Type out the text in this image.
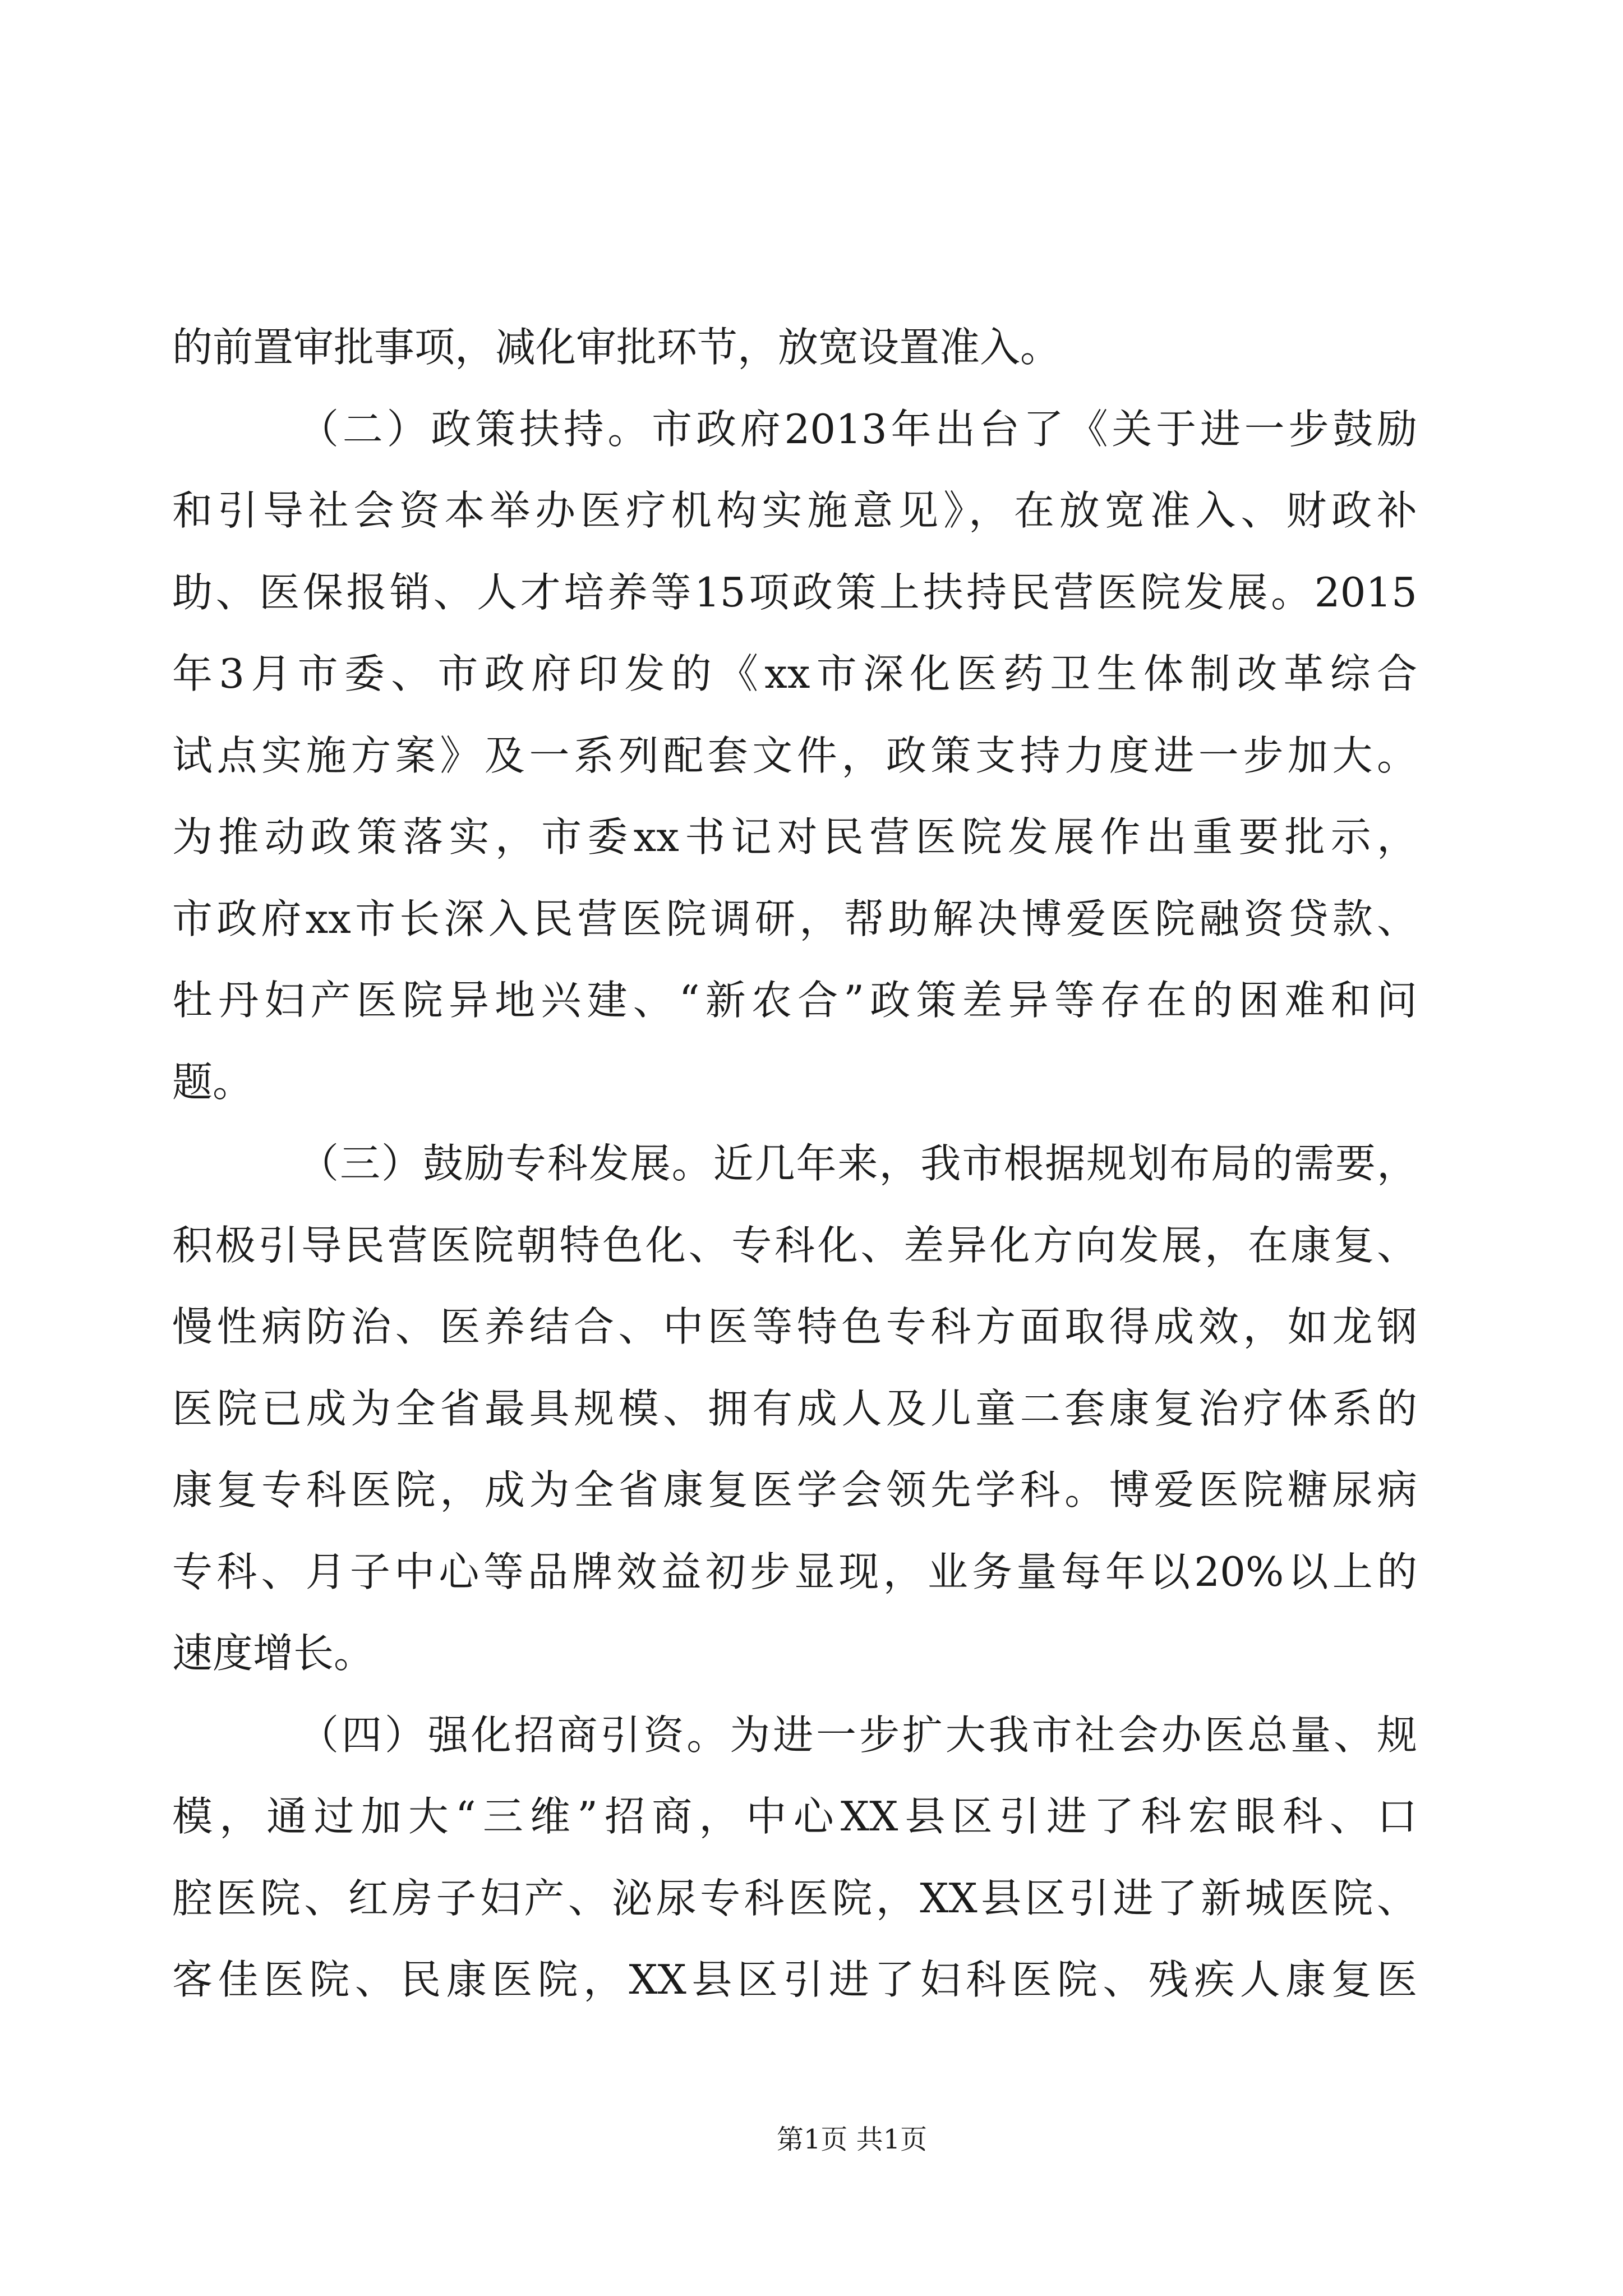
的前置审批事项，减化审批环节，放宽设置准入。
（二）政策扶持。市政府2013年出台了《关于进一步鼓励
和引导社会资本举办医疗机构实施意见》，在放宽准入、财政补
助、医保报销、人才培养等15项政策上扶持民营医院发展。2015
年3月市委、市政府印发的《xx市深化医药卫生体制改革综合
试点实施方案》及一系列配套文件，政策支持力度进一步加大。
为推动政策落实，市委xx书记对民营医院发展作出重要批示，
市政府xx市长深入民营医院调研，帮助解决博爱医院融资贷款、
牡丹妇产医院异地兴建、“新农合”政策差异等存在的困难和问
题。
（三）鼓励专科发展。近几年来，我市根据规划布局的需要，
积极引导民营医院朝特色化、专科化、差异化方向发展，在康复、
慢性病防治、医养结合、中医等特色专科方面取得成效，如龙钢
医院已成为全省最具规模、拥有成人及儿童二套康复治疗体系的
康复专科医院，成为全省康复医学会领先学科。博爱医院糖尿病
专科、月子中心等品牌效益初步显现，业务量每年以20%以上的
速度增长。
（四）强化招商引资。为进一步扩大我市社会办医总量、规
模，通过加大“三维”招商，中心XX县区引进了科宏眼科、口
腔医院、红房子妇产、泌尿专科医院，XX县区引进了新城医院、
客佳医院、民康医院，XX县区引进了妇科医院、残疾人康复医
第1页 共1页
